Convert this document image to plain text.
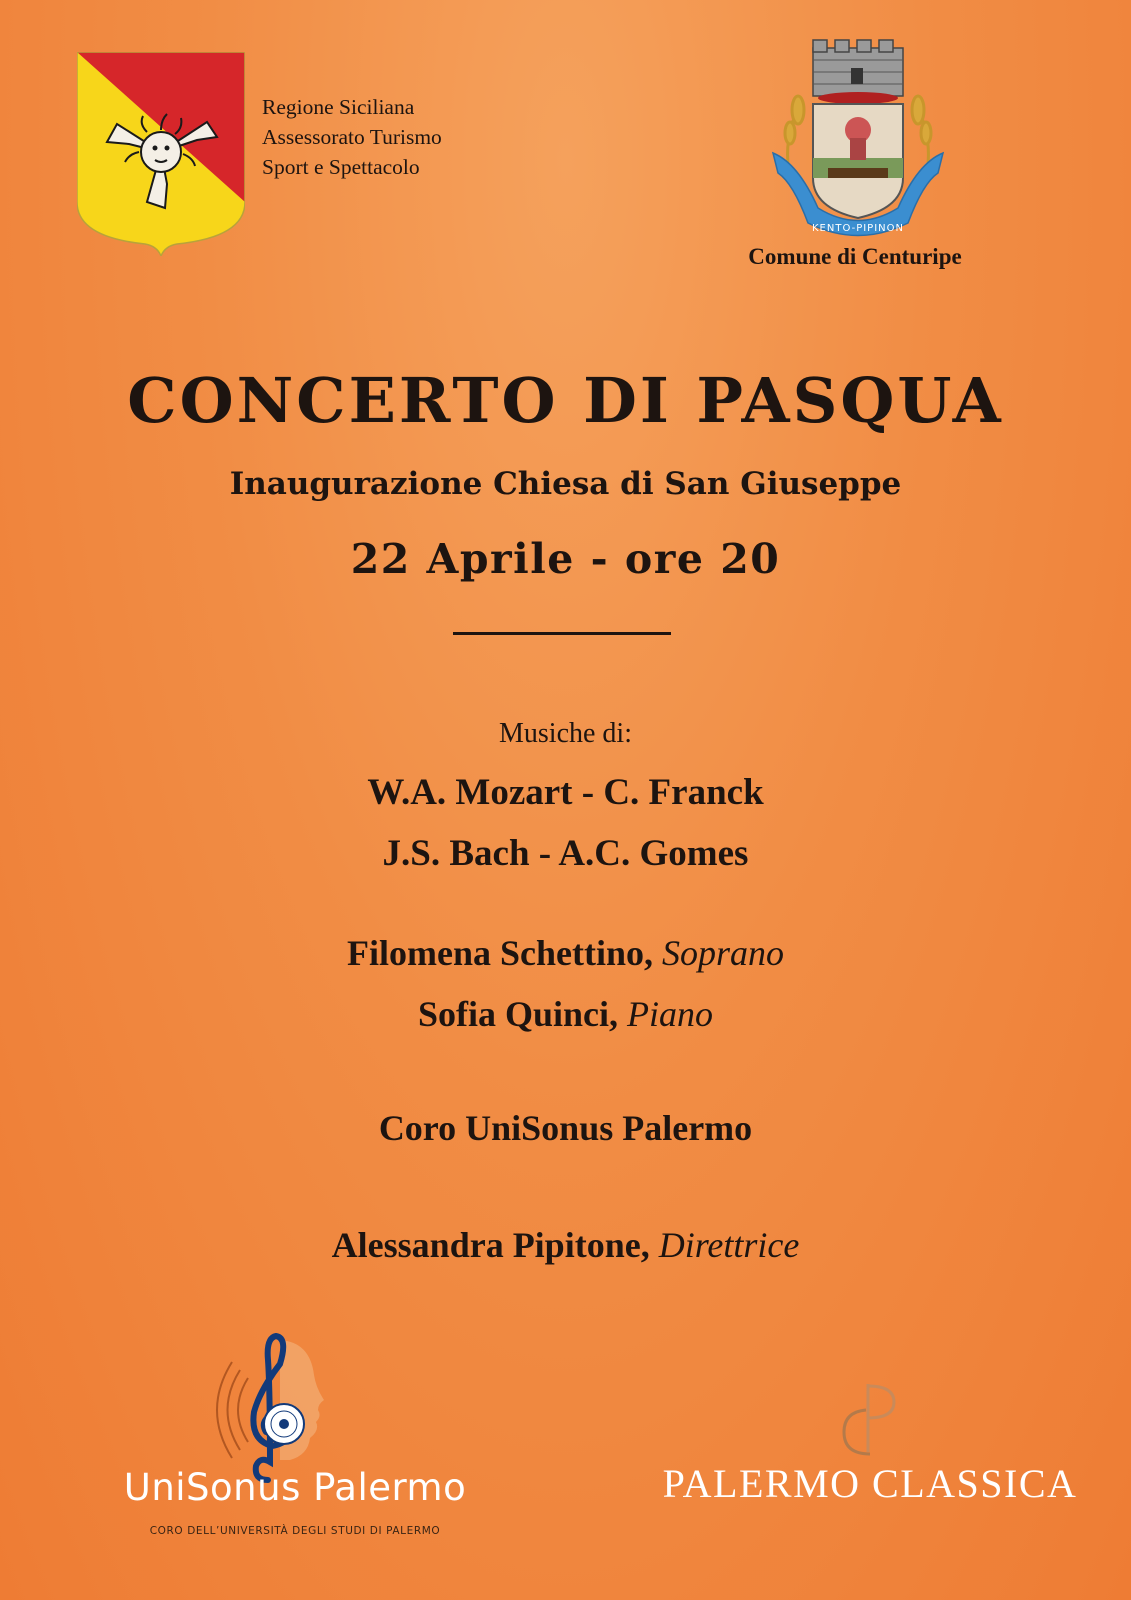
Regione Siciliana
Assessorato Turismo
Sport e Spettacolo
KENTO-PIPINON
Comune di Centuripe
CONCERTO DI PASQUA
Inaugurazione Chiesa di San Giuseppe
22 Aprile - ore 20
Musiche di:
W.A. Mozart - C. Franck
J.S. Bach - A.C. Gomes
Filomena Schettino, Soprano
Sofia Quinci, Piano
Coro UniSonus Palermo
Alessandra Pipitone, Direttrice
UniSonus Palermo
CORO DELL’UNIVERSITÀ DEGLI STUDI DI PALERMO
PALERMO CLASSICA
